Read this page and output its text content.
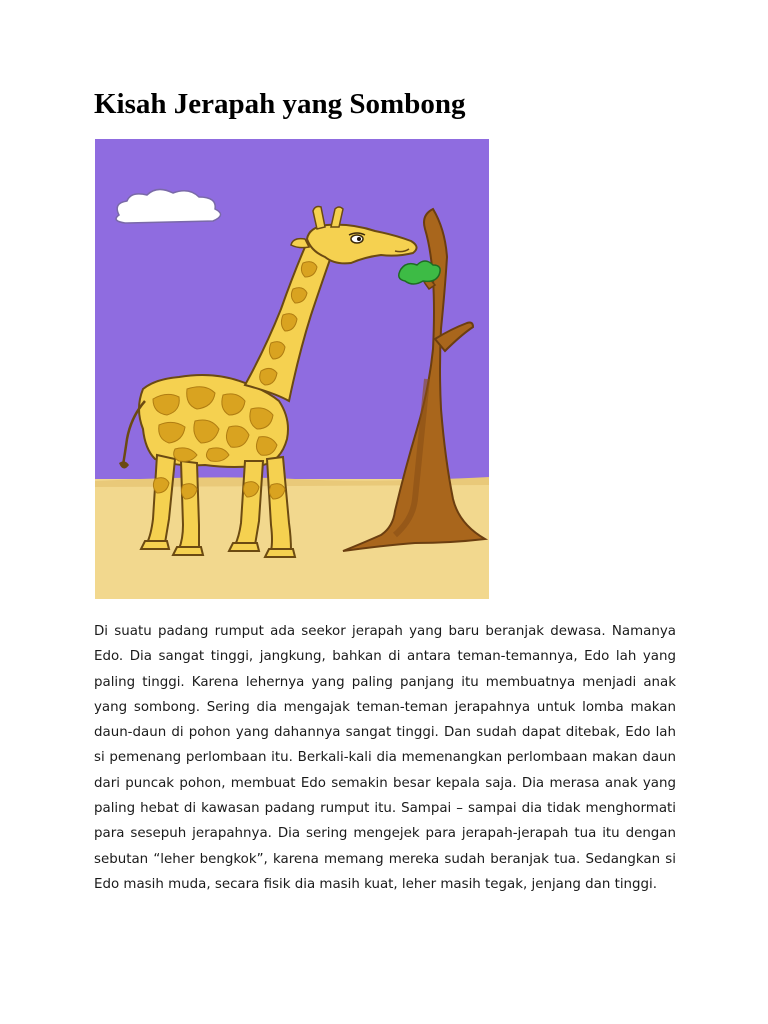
Kisah Jerapah yang Sombong
Di suatu padang rumput ada seekor jerapah yang baru beranjak dewasa. Namanya
Edo. Dia sangat tinggi, jangkung, bahkan di antara teman-temannya, Edo lah yang
paling tinggi. Karena lehernya yang paling panjang itu membuatnya menjadi anak
yang sombong. Sering dia mengajak teman-teman jerapahnya untuk lomba makan
daun-daun di pohon yang dahannya sangat tinggi. Dan sudah dapat ditebak, Edo lah
si pemenang perlombaan itu. Berkali-kali dia memenangkan perlombaan makan daun
dari puncak pohon, membuat Edo semakin besar kepala saja. Dia merasa anak yang
paling hebat di kawasan padang rumput itu. Sampai – sampai dia tidak menghormati
para sesepuh jerapahnya. Dia sering mengejek para jerapah-jerapah tua itu dengan
sebutan “leher bengkok”, karena memang mereka sudah beranjak tua. Sedangkan si
Edo masih muda, secara fisik dia masih kuat, leher masih tegak, jenjang dan tinggi.
